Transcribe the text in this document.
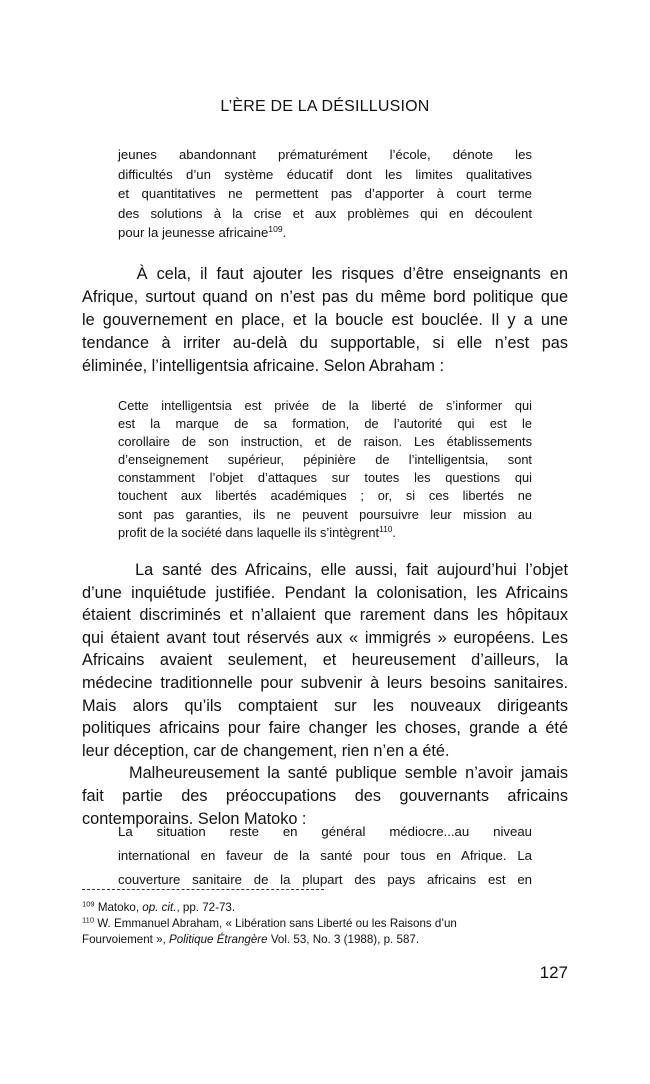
L’ÈRE DE LA DÉSILLUSION
jeunes abandonnant prématurément l’école, dénote les
difficultés d’un système éducatif dont les limites qualitatives
et quantitatives ne permettent pas d’apporter à court terme
des solutions à la crise et aux problèmes qui en découlent
pour la jeunesse africaine$^{109}$.
À cela, il faut ajouter les risques d’être enseignants en
Afrique, surtout quand on n’est pas du même bord politique que
le gouvernement en place, et la boucle est bouclée. Il y a une
tendance à irriter au-delà du supportable, si elle n’est pas
éliminée, l’intelligentsia africaine. Selon Abraham :
Cette intelligentsia est privée de la liberté de s’informer qui
est la marque de sa formation, de l’autorité qui est le
corollaire de son instruction, et de raison. Les établissements
d’enseignement supérieur, pépinière de l’intelligentsia, sont
constamment l’objet d’attaques sur toutes les questions qui
touchent aux libertés académiques ; or, si ces libertés ne
sont pas garanties, ils ne peuvent poursuivre leur mission au
profit de la société dans laquelle ils s’intègrent$^{110}$.
La santé des Africains, elle aussi, fait aujourd’hui l’objet
d’une inquiétude justifiée. Pendant la colonisation, les Africains
étaient discriminés et n’allaient que rarement dans les hôpitaux
qui étaient avant tout réservés aux « immigrés » européens. Les
Africains avaient seulement, et heureusement d’ailleurs, la
médecine traditionnelle pour subvenir à leurs besoins sanitaires.
Mais alors qu’ils comptaient sur les nouveaux dirigeants
politiques africains pour faire changer les choses, grande a été
leur déception, car de changement, rien n’en a été.
Malheureusement la santé publique semble n’avoir jamais
fait partie des préoccupations des gouvernants africains
contemporains. Selon Matoko :
La situation reste en général médiocre...au niveau
international en faveur de la santé pour tous en Afrique. La
couverture sanitaire de la plupart des pays africains est en
$^{109}$ Matoko, op. cit., pp. 72-73.
$^{110}$ W. Emmanuel Abraham, « Libération sans Liberté ou les Raisons d’un
Fourvoiement », Politique Étrangère Vol. 53, No. 3 (1988), p. 587.
127
